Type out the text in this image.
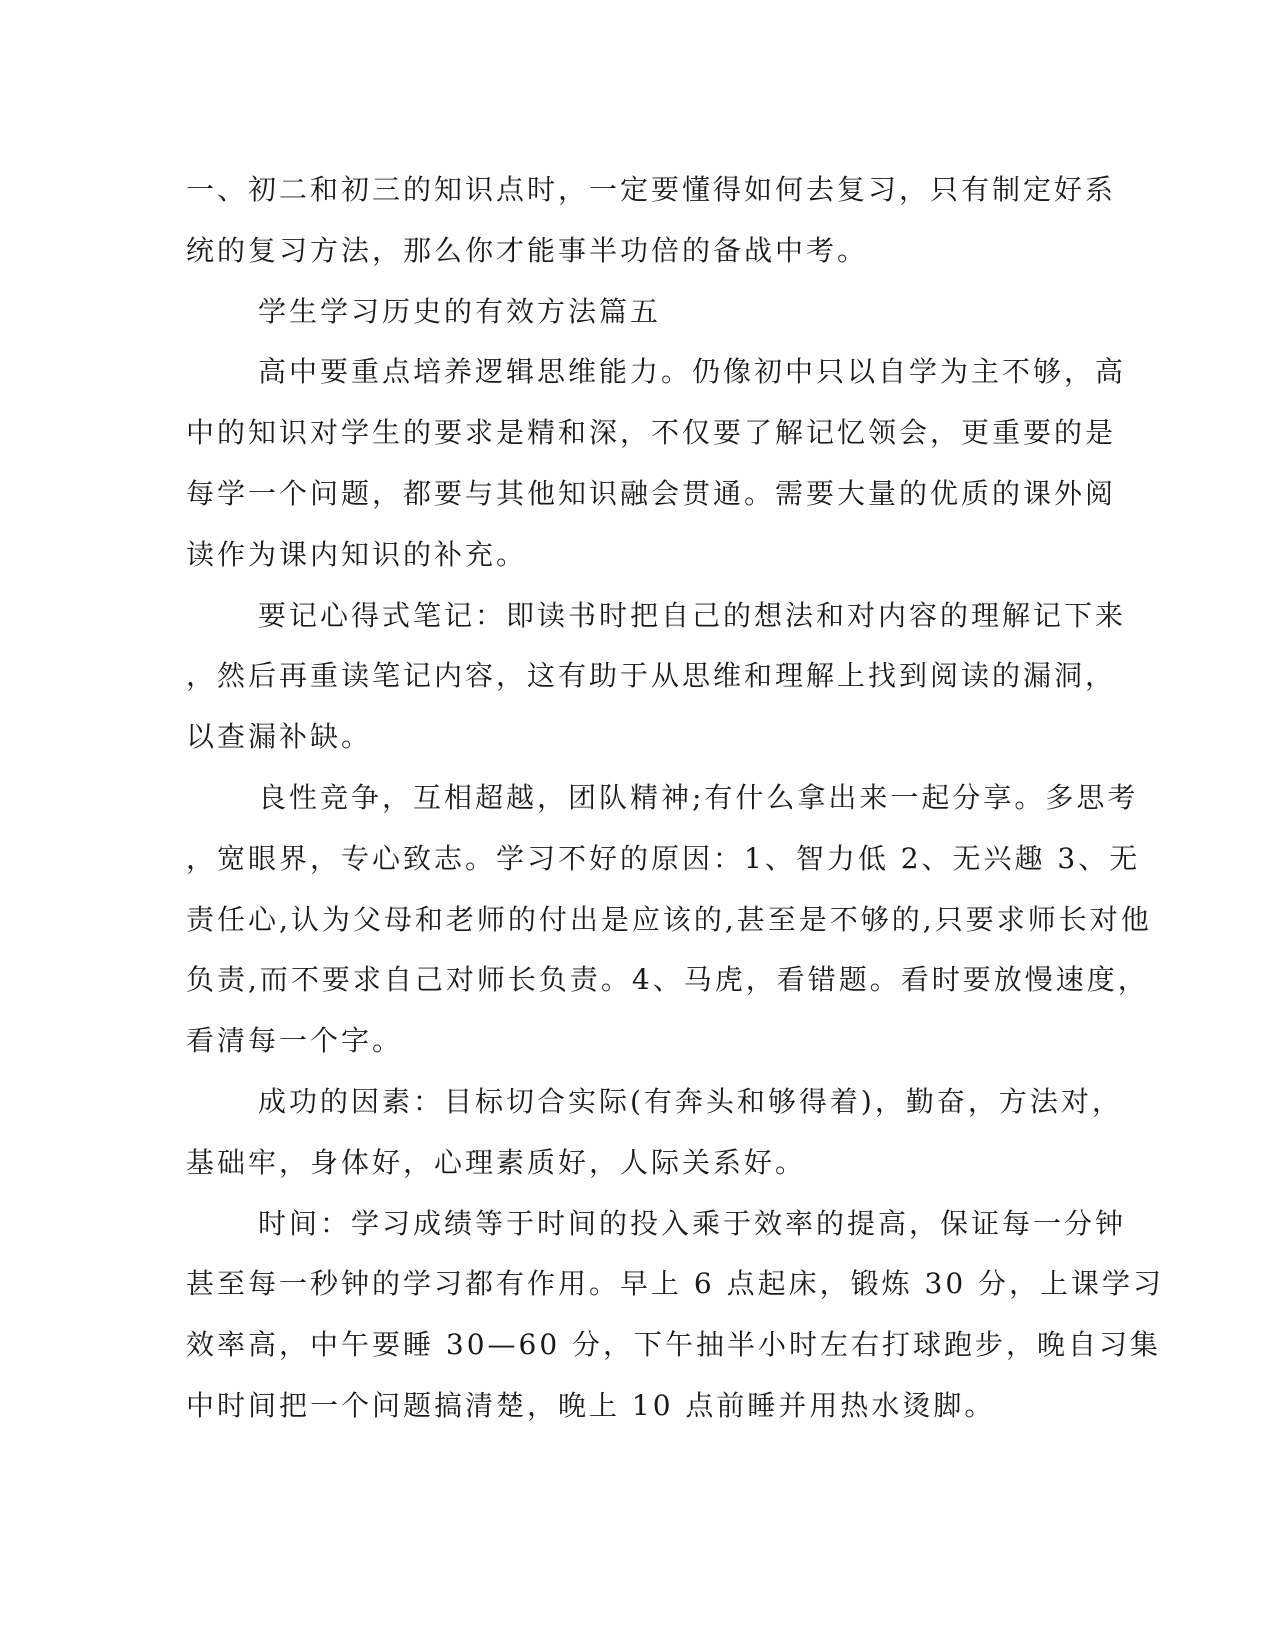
一、初二和初三的知识点时，一定要懂得如何去复习，只有制定好系
统的复习方法，那么你才能事半功倍的备战中考。
学生学习历史的有效方法篇五
高中要重点培养逻辑思维能力。仍像初中只以自学为主不够，高
中的知识对学生的要求是精和深，不仅要了解记忆领会，更重要的是
每学一个问题，都要与其他知识融会贯通。需要大量的优质的课外阅
读作为课内知识的补充。
要记心得式笔记：即读书时把自己的想法和对内容的理解记下来
，然后再重读笔记内容，这有助于从思维和理解上找到阅读的漏洞，
以查漏补缺。
良性竞争，互相超越，团队精神;有什么拿出来一起分享。多思考
，宽眼界，专心致志。学习不好的原因：1、智力低 2、无兴趣 3、无
责任心,认为父母和老师的付出是应该的,甚至是不够的,只要求师长对他
负责,而不要求自己对师长负责。4、马虎，看错题。看时要放慢速度，
看清每一个字。
成功的因素：目标切合实际(有奔头和够得着)，勤奋，方法对，
基础牢，身体好，心理素质好，人际关系好。
时间：学习成绩等于时间的投入乘于效率的提高，保证每一分钟
甚至每一秒钟的学习都有作用。早上 6 点起床，锻炼 30 分，上课学习
效率高，中午要睡 30—60 分，下午抽半小时左右打球跑步，晚自习集
中时间把一个问题搞清楚，晚上 10 点前睡并用热水烫脚。
